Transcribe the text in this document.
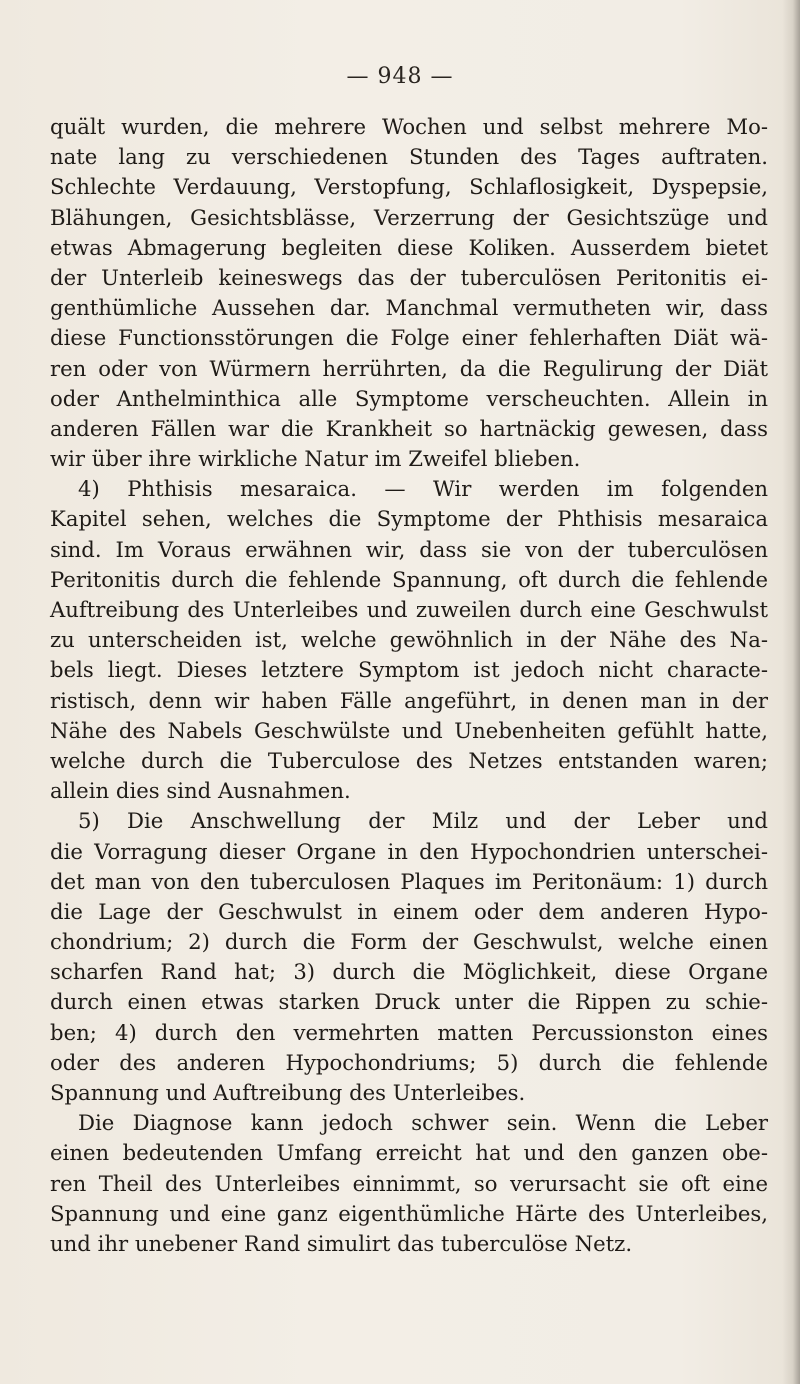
— 948 —
quält wurden, die mehrere Wochen und selbst mehrere Mo-
nate lang zu verschiedenen Stunden des Tages auftraten.
Schlechte Verdauung, Verstopfung, Schlaflosigkeit, Dyspepsie,
Blähungen, Gesichtsblässe, Verzerrung der Gesichtszüge und
etwas Abmagerung begleiten diese Koliken. Ausserdem bietet
der Unterleib keineswegs das der tuberculösen Peritonitis ei-
genthümliche Aussehen dar. Manchmal vermutheten wir, dass
diese Functionsstörungen die Folge einer fehlerhaften Diät wä-
ren oder von Würmern herrührten, da die Regulirung der Diät
oder Anthelminthica alle Symptome verscheuchten. Allein in
anderen Fällen war die Krankheit so hartnäckig gewesen, dass
wir über ihre wirkliche Natur im Zweifel blieben.
4) Phthisis mesaraica. — Wir werden im folgenden
Kapitel sehen, welches die Symptome der Phthisis mesaraica
sind. Im Voraus erwähnen wir, dass sie von der tuberculösen
Peritonitis durch die fehlende Spannung, oft durch die fehlende
Auftreibung des Unterleibes und zuweilen durch eine Geschwulst
zu unterscheiden ist, welche gewöhnlich in der Nähe des Na-
bels liegt. Dieses letztere Symptom ist jedoch nicht characte-
ristisch, denn wir haben Fälle angeführt, in denen man in der
Nähe des Nabels Geschwülste und Unebenheiten gefühlt hatte,
welche durch die Tuberculose des Netzes entstanden waren;
allein dies sind Ausnahmen.
5) Die Anschwellung der Milz und der Leber und
die Vorragung dieser Organe in den Hypochondrien unterschei-
det man von den tuberculosen Plaques im Peritonäum: 1) durch
die Lage der Geschwulst in einem oder dem anderen Hypo-
chondrium; 2) durch die Form der Geschwulst, welche einen
scharfen Rand hat; 3) durch die Möglichkeit, diese Organe
durch einen etwas starken Druck unter die Rippen zu schie-
ben; 4) durch den vermehrten matten Percussionston eines
oder des anderen Hypochondriums; 5) durch die fehlende
Spannung und Auftreibung des Unterleibes.
Die Diagnose kann jedoch schwer sein. Wenn die Leber
einen bedeutenden Umfang erreicht hat und den ganzen obe-
ren Theil des Unterleibes einnimmt, so verursacht sie oft eine
Spannung und eine ganz eigenthümliche Härte des Unterleibes,
und ihr unebener Rand simulirt das tuberculöse Netz.
